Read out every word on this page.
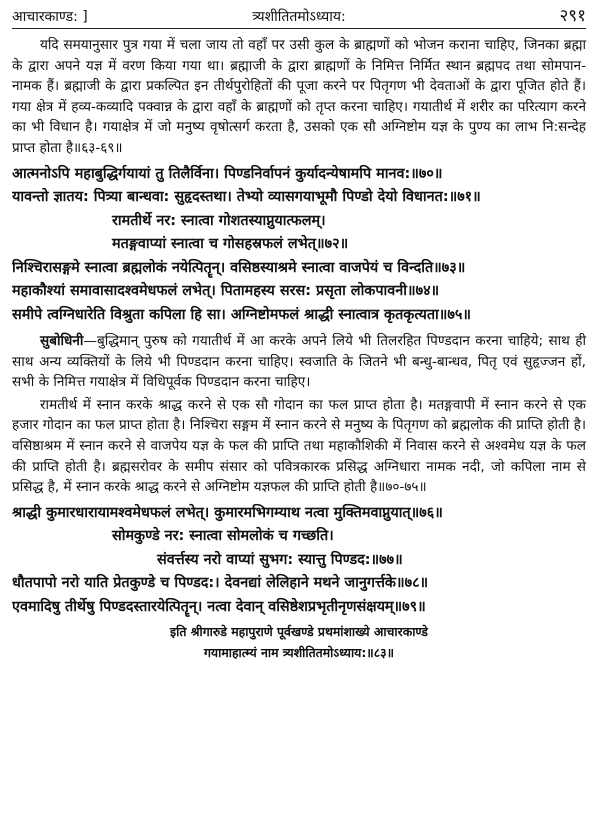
आचारकाण्ड: ]	त्र्यशीतितमोऽध्याय:	२९१

यदि समयानुसार पुत्र गया में चला जाय तो वहाँ पर उसी कुल के ब्राह्मणों को भोजन कराना चाहिए, जिनका ब्रह्मा के द्वारा अपने यज्ञ में वरण किया गया था। ब्रह्माजी के द्वारा ब्राह्मणों के निमित्त निर्मित स्थान ब्रह्मपद तथा सोमपान-नामक हैं। ब्रह्माजी के द्वारा प्रकल्पित इन तीर्थपुरोहितों की पूजा करने पर पितृगण भी देवताओं के द्वारा पूजित होते हैं। गया क्षेत्र में हव्य-कव्यादि पक्वान्न के द्वारा वहाँ के ब्राह्मणों को तृप्त करना चाहिए। गयातीर्थ में शरीर का परित्याग करने का भी विधान है। गयाक्षेत्र में जो मनुष्य वृषोत्सर्ग करता है, उसको एक सौ अग्निष्टोम यज्ञ के पुण्य का लाभ नि:सन्देह प्राप्त होता है॥६३-६९॥

आत्मनोऽपि महाबुद्धिर्गयायां तु तिलैर्विना। पिण्डनिर्वापनं कुर्यादन्येषामपि मानव:॥७०॥
यावन्तो ज्ञातय: पित्र्या बान्धवा: सुहृदस्तथा। तेभ्यो व्यासगयाभूमौ पिण्डो देयो विधानत:॥७१॥
रामतीर्थे नर: स्नात्वा गोशतस्याप्नुयात्फलम्।
मतङ्गवाप्यां स्नात्वा च गोसहस्रफलं लभेत्॥७२॥
निश्चिरासङ्गमे स्नात्वा ब्रह्मलोकं नयेत्पितॄन्। वसिष्ठस्याश्रमे स्नात्वा वाजपेयं च विन्दति॥७३॥
महाकौश्यां समावासादश्वमेधफलं लभेत्। पितामहस्य सरस: प्रसृता लोकपावनी॥७४॥
समीपे त्वग्निधारेति विश्रुता कपिला हि सा। अग्निष्टोमफलं श्राद्धी स्नात्वात्र कृतकृत्यता॥७५॥

सुबोधिनी—बुद्धिमान् पुरुष को गयातीर्थ में आ करके अपने लिये भी तिलरहित पिण्डदान करना चाहिये; साथ ही साथ अन्य व्यक्तियों के लिये भी पिण्डदान करना चाहिए। स्वजाति के जितने भी बन्धु-बान्धव, पितृ एवं सुहृज्जन हों, सभी के निमित्त गयाक्षेत्र में विधिपूर्वक पिण्डदान करना चाहिए।

रामतीर्थ में स्नान करके श्राद्ध करने से एक सौ गोदान का फल प्राप्त होता है। मतङ्गवापी में स्नान करने से एक हजार गोदान का फल प्राप्त होता है। निश्चिरा सङ्गम में स्नान करने से मनुष्य के पितृगण को ब्रह्मलोक की प्राप्ति होती है। वसिष्ठाश्रम में स्नान करने से वाजपेय यज्ञ के फल की प्राप्ति तथा महाकौशिकी में निवास करने से अश्वमेध यज्ञ के फल की प्राप्ति होती है। ब्रह्मसरोवर के समीप संसार को पवित्रकारक प्रसिद्ध अग्निधारा नामक नदी, जो कपिला नाम से प्रसिद्ध है, में स्नान करके श्राद्ध करने से अग्निष्टोम यज्ञफल की प्राप्ति होती है॥७०-७५॥

श्राद्धी कुमारधारायामश्वमेधफलं लभेत्। कुमारमभिगम्याथ नत्वा मुक्तिमवाप्नुयात्॥७६॥
सोमकुण्डे नर: स्नात्वा सोमलोकं च गच्छति।
संवर्त्तस्य नरो वाप्यां सुभग: स्यात्तु पिण्डद:॥७७॥
धौतपापो नरो याति प्रेतकुण्डे च पिण्डद:। देवनद्यां लेलिहाने मथने जानुगर्त्तके॥७८॥
एवमादिषु तीर्थेषु पिण्डदस्तारयेत्पितॄन्। नत्वा देवान् वसिष्ठेशप्रभृतीनृणसंक्षयम्॥७९॥
इति श्रीगारुडे महापुराणे पूर्वखण्डे प्रथमांशाख्ये आचारकाण्डे
गयामाहात्म्यं नाम त्र्यशीतितमोऽध्याय:॥८३॥
